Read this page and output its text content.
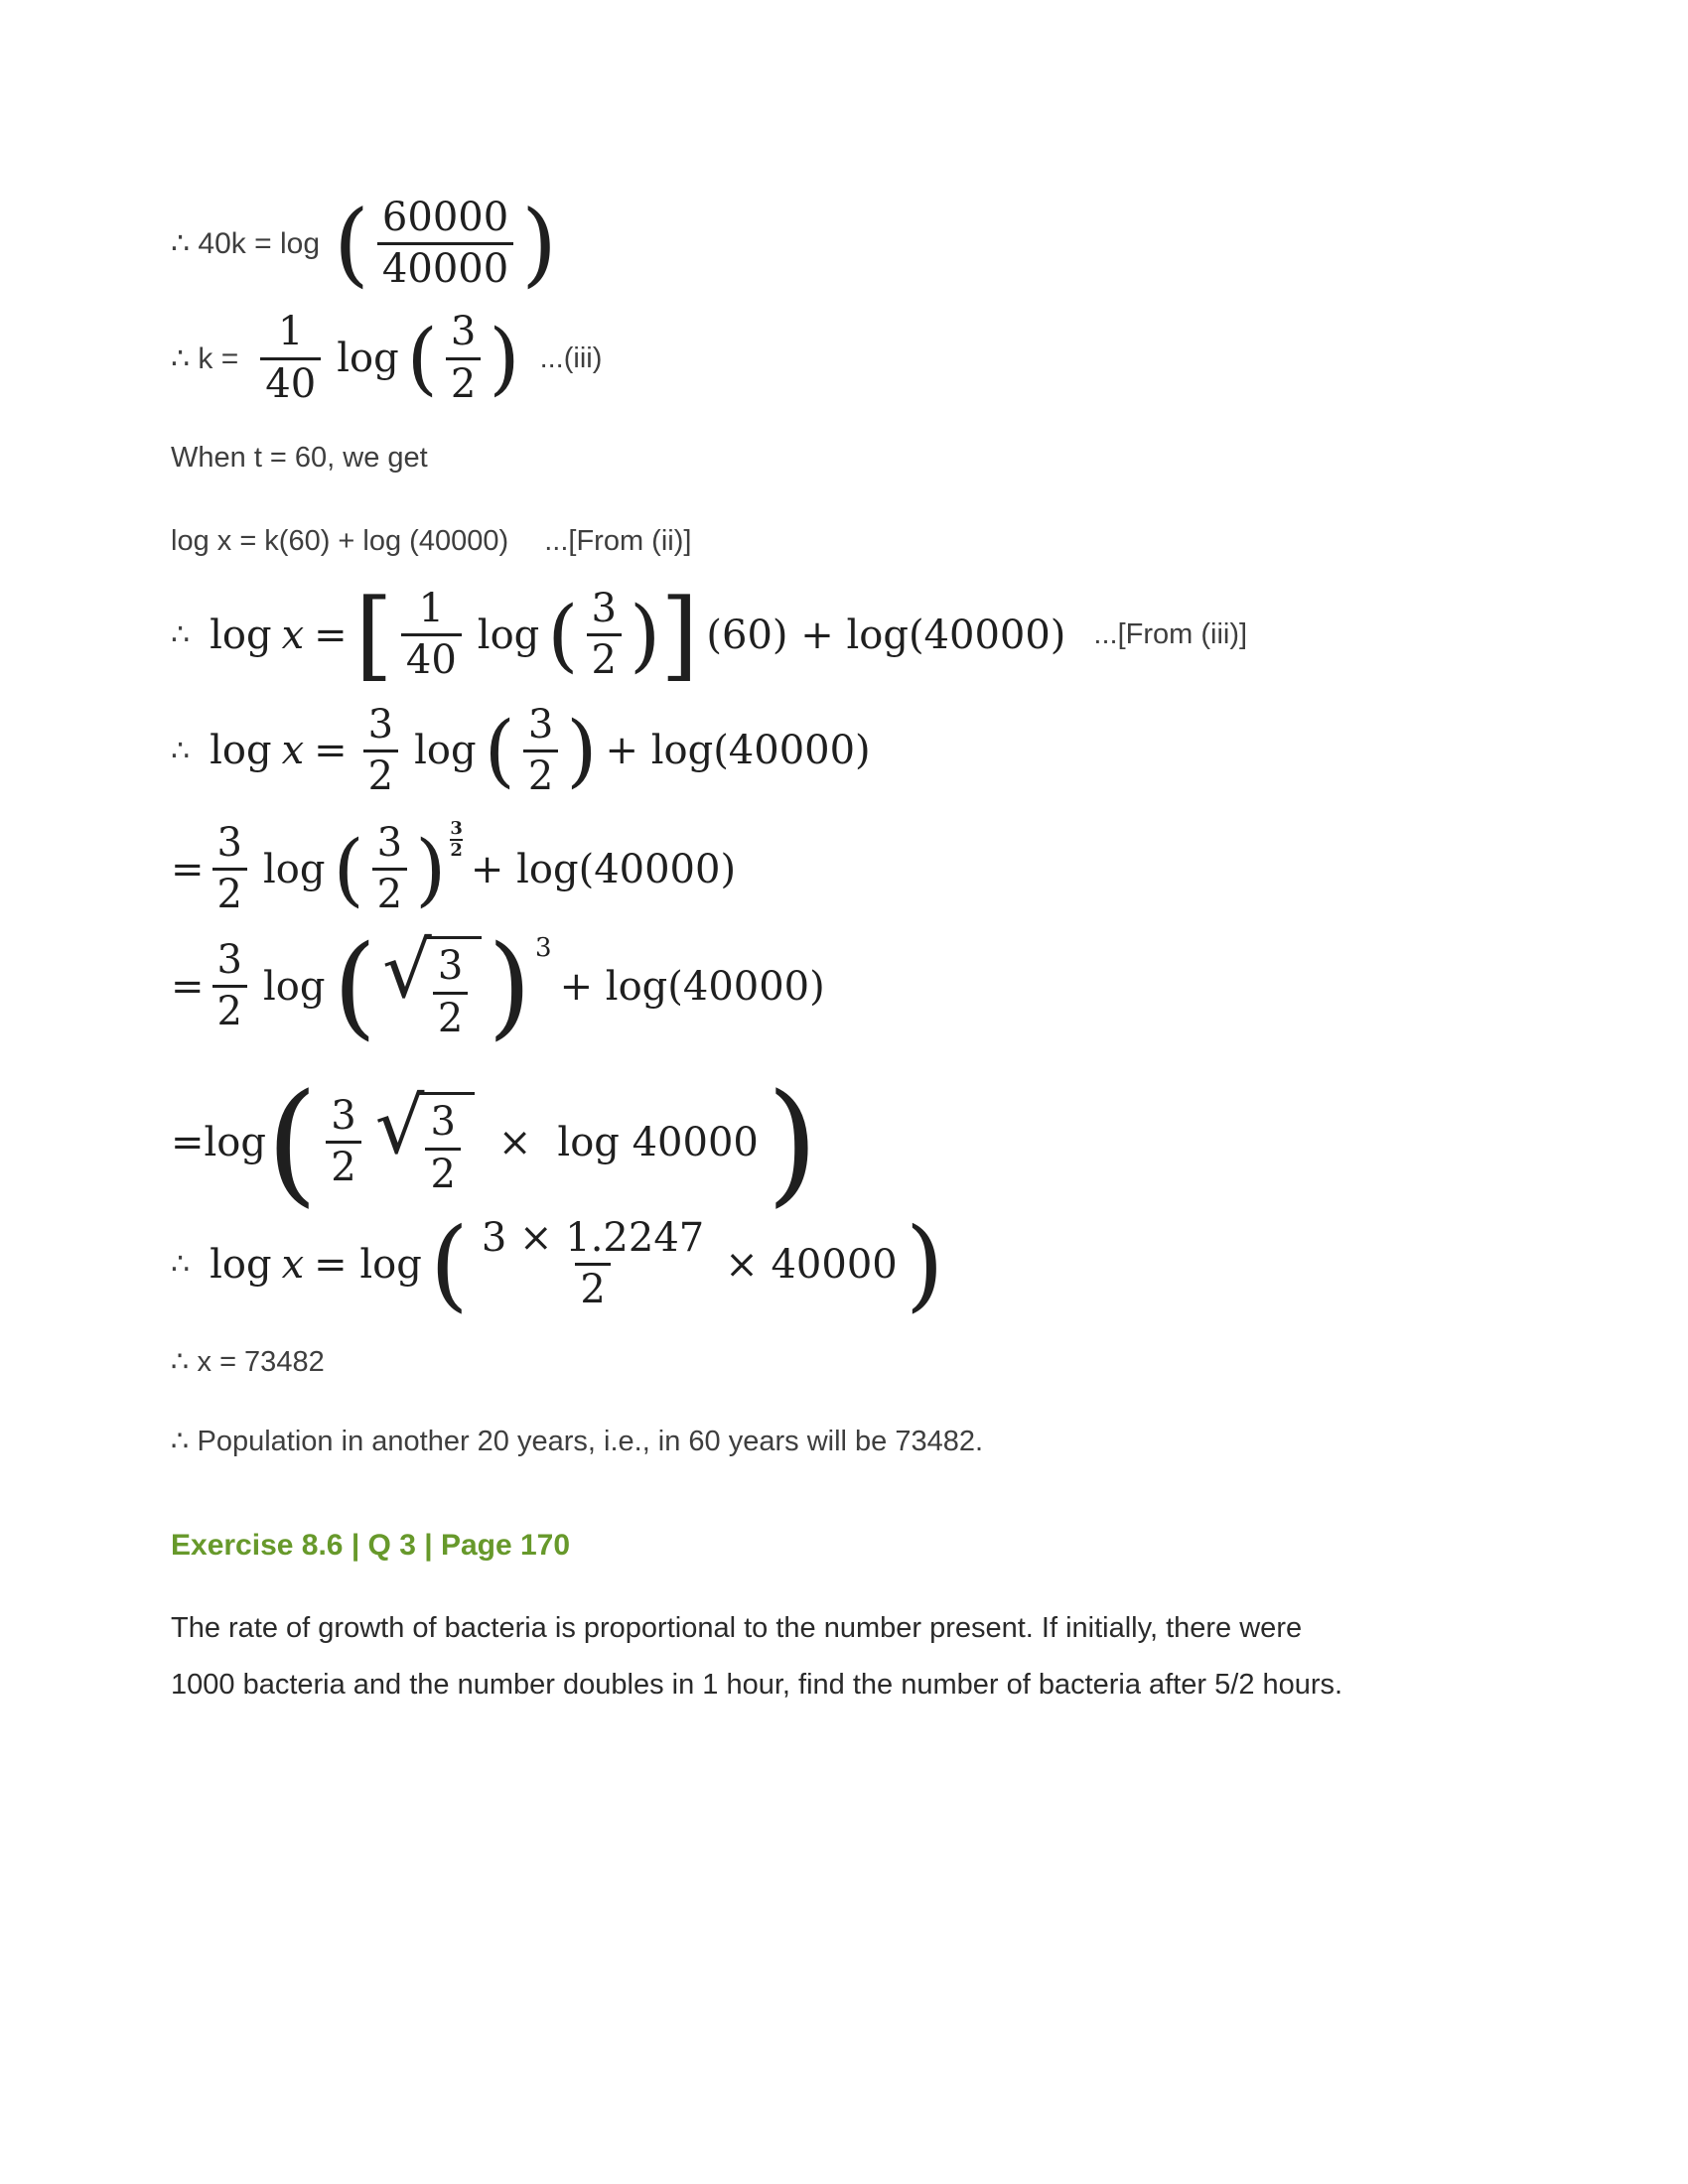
∴ 40k = log ( $\frac{60000}{40000}$
)
∴ $k = \frac{1}{40}$ log ( $\frac{3}{2}$ ) ...(iii)
When t = 60, we get
log x = k(60) + log (40000) ...[From (ii)]
∴ log x = [ $\frac{1}{40}$ log ( $\frac{3}{2}$ ) ] (60) + log(40000) ...[From (iii)]
∴ $\log x = \frac{3}{2}$ log ( $\frac{3}{2}$ ) + log(40000)
= $\frac{3}{2}$ log ( $\frac{3}{2}$
) $\frac{3}{2}$
+ log(40000)
= $\frac{3}{2}$ log ( √	$\frac{3}{2}$ )	3
+ log(40000)
=log ( $\frac{3}{2}$ √ $\frac{3}{2} \times \log 40000$
)
∴ log x = log ( $\frac{3 \times 1.2247}{2} \times 40000$
)
∴ x = 73482
∴ Population in another 20 years, i.e., in 60 years will be 73482.
Exercise 8.6 | Q 3 | Page 170
The rate of growth of bacteria is proportional to the number present. If initially, there were 1000 bacteria and the number doubles in 1 hour, find the number of bacteria after 5/2 hours.
